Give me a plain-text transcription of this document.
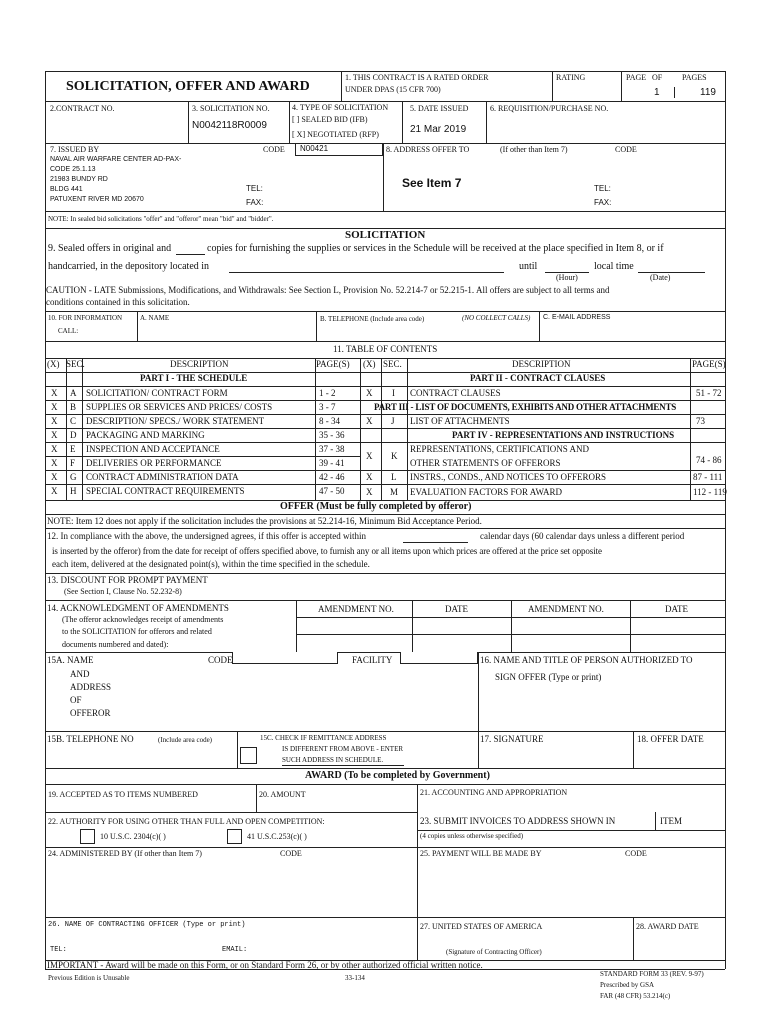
SOLICITATION, OFFER AND AWARD
1. THIS CONTRACT IS A RATED ORDER
UNDER DPAS (15 CFR 700)
RATING	PAGE OF PAGES
1	119
2.CONTRACT NO.	3. SOLICITATION NO.
N0042118R0009
4. TYPE OF SOLICITATION
[ ] SEALED BID (IFB)
[ X] NEGOTIATED (RFP)
5. DATE ISSUED
21 Mar 2019
6. REQUISITION/PURCHASE NO.
7. ISSUED BY	CODE N00421
NAVAL AIR WARFARE CENTER AD-PAX-
CODE 25.1.13
21983 BUNDY RD
BLDG 441
PATUXENT RIVER MD 20670
TEL:
FAX:
8. ADDRESS OFFER TO	(If other than Item 7)	CODE
See Item 7	TEL:
FAX:
NOTE: In sealed bid solicitations "offer" and "offeror" mean "bid" and "bidder".
SOLICITATION
9. Sealed offers in original and	copies for furnishing the supplies or services in the Schedule will be received at the place specified in Item 8, or if
handcarried, in the depository located in	until	local time
(Hour)	(Date)
CAUTION - LATE Submissions, Modifications, and Withdrawals: See Section L, Provision No. 52.214-7 or 52.215-1. All offers are subject to all terms and
conditions contained in this solicitation.
10. FOR INFORMATION
CALL:
A. NAME	B. TELEPHONE (Include area code)	(NO COLLECT CALLS) C. E-MAIL ADDRESS
11. TABLE OF CONTENTS
(X) SEC.	DESCRIPTION	PAGE(S) (X) SEC.	DESCRIPTION	PAGE(S)
PART I - THE SCHEDULE	PART II - CONTRACT CLAUSES
X A SOLICITATION/ CONTRACT FORM	1 - 2
X B SUPPLIES OR SERVICES AND PRICES/ COSTS	3 - 7
X C DESCRIPTION/ SPECS./ WORK STATEMENT	8 - 34
X D PACKAGING AND MARKING	35 - 36
X E INSPECTION AND ACCEPTANCE	37 - 38
X F DELIVERIES OR PERFORMANCE	39 - 41
X G CONTRACT ADMINISTRATION DATA	42 - 46
X H SPECIAL CONTRACT REQUIREMENTS	47 - 50
X I CONTRACT CLAUSES	51 - 72
PART III - LIST OF DOCUMENTS, EXHIBITS AND OTHER ATTACHMENTS
X J LIST OF ATTACHMENTS	73
PART IV - REPRESENTATIONS AND INSTRUCTIONS
X K
REPRESENTATIONS, CERTIFICATIONS AND
OTHER STATEMENTS OF OFFERORS	74 - 86
X L INSTRS., CONDS., AND NOTICES TO OFFERORS	87 - 111
X M EVALUATION FACTORS FOR AWARD	112 - 119
OFFER (Must be fully completed by offeror)
NOTE: Item 12 does not apply if the solicitation includes the provisions at 52.214-16, Minimum Bid Acceptance Period.
12. In compliance with the above, the undersigned agrees, if this offer is accepted within	calendar days (60 calendar days unless a different period
is inserted by the offeror) from the date for receipt of offers specified above, to furnish any or all items upon which prices are offered at the price set opposite
each item, delivered at the designated point(s), within the time specified in the schedule.
13. DISCOUNT FOR PROMPT PAYMENT
(See Section I, Clause No. 52.232-8)
14. ACKNOWLEDGMENT OF AMENDMENTS
(The offeror acknowledges receipt of amendments
to the SOLICITATION for offerors and related
documents numbered and dated):
AMENDMENT NO.	DATE	AMENDMENT NO.	DATE
15A. NAME
AND
ADDRESS
OF
OFFEROR
CODE	FACILITY	16. NAME AND TITLE OF PERSON AUTHORIZED TO
SIGN OFFER (Type or print)
15B. TELEPHONE NO	(Include area code)	15C. CHECK IF REMITTANCE ADDRESS
IS DIFFERENT FROM ABOVE - ENTER
SUCH ADDRESS IN SCHEDULE.
17. SIGNATURE	18. OFFER DATE
AWARD (To be completed by Government)
19. ACCEPTED AS TO ITEMS NUMBERED	20. AMOUNT	21. ACCOUNTING AND APPROPRIATION
22. AUTHORITY FOR USING OTHER THAN FULL AND OPEN COMPETITION:
10 U.S.C. 2304(c)( )	41 U.S.C.253(c)( )
23. SUBMIT INVOICES TO ADDRESS SHOWN IN
(4 copies unless otherwise specified)
ITEM
24. ADMINISTERED BY (If other than Item 7)	CODE	25. PAYMENT WILL BE MADE BY	CODE
26. NAME OF CONTRACTING OFFICER (Type or print)	27. UNITED STATES OF AMERICA	28. AWARD DATE
TEL:	EMAIL:	(Signature of Contracting Officer)
IMPORTANT - Award will be made on this Form, or on Standard Form 26, or by other authorized official written notice.
Previous Edition is Unusable	33-134	STANDARD FORM 33 (REV. 9-97)
Prescribed by GSA
FAR (48 CFR) 53.214(c)
